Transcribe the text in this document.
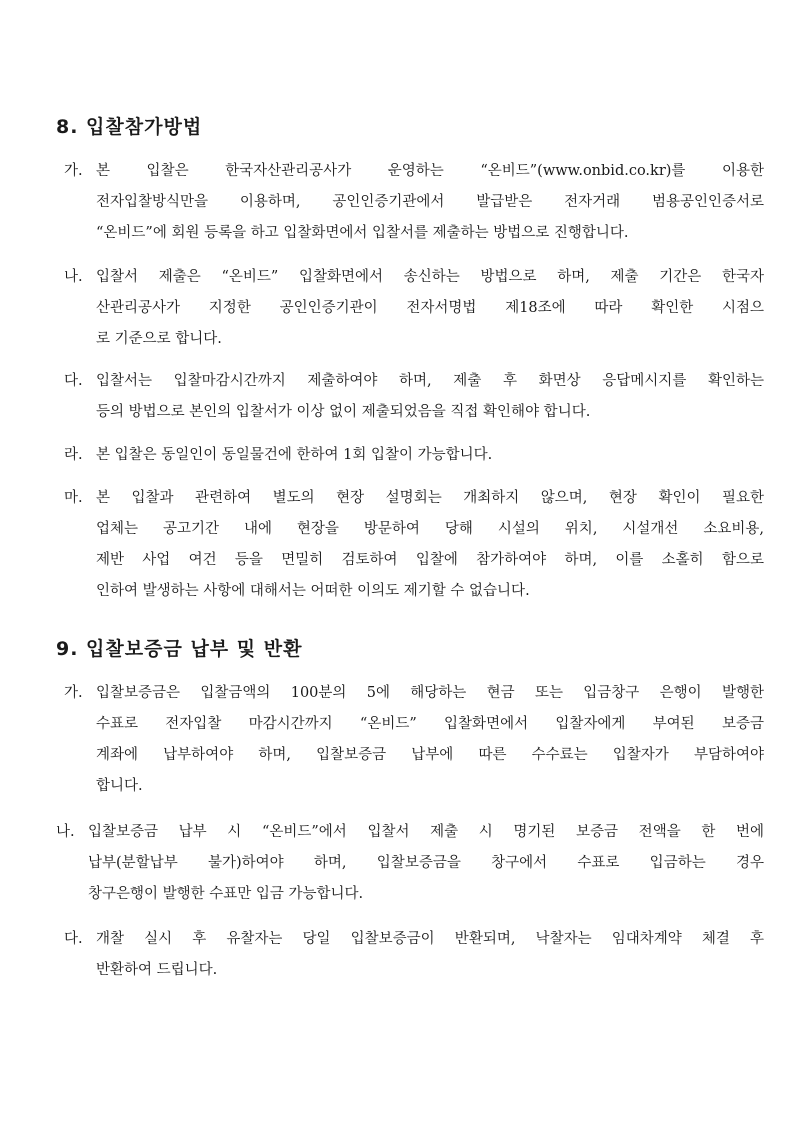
8. 입찰참가방법
가. 본 입찰은 한국자산관리공사가 운영하는 “온비드”(www.onbid.co.kr)를 이용한
전자입찰방식만을 이용하며, 공인인증기관에서 발급받은 전자거래 범용공인인증서로
“온비드”에 회원 등록을 하고 입찰화면에서 입찰서를 제출하는 방법으로 진행합니다.
나. 입찰서 제출은 “온비드” 입찰화면에서 송신하는 방법으로 하며, 제출 기간은 한국자
산관리공사가 지정한 공인인증기관이 전자서명법 제18조에 따라 확인한 시점으
로 기준으로 합니다.
다. 입찰서는 입찰마감시간까지 제출하여야 하며, 제출 후 화면상 응답메시지를 확인하는
등의 방법으로 본인의 입찰서가 이상 없이 제출되었음을 직접 확인해야 합니다.
라. 본 입찰은 동일인이 동일물건에 한하여 1회 입찰이 가능합니다.
마. 본 입찰과 관련하여 별도의 현장 설명회는 개최하지 않으며, 현장 확인이 필요한
업체는 공고기간 내에 현장을 방문하여 당해 시설의 위치, 시설개선 소요비용,
제반 사업 여건 등을 면밀히 검토하여 입찰에 참가하여야 하며, 이를 소홀히 함으로
인하여 발생하는 사항에 대해서는 어떠한 이의도 제기할 수 없습니다.
9. 입찰보증금 납부 및 반환
가. 입찰보증금은 입찰금액의 100분의 5에 해당하는 현금 또는 입금창구 은행이 발행한
수표로 전자입찰 마감시간까지 “온비드” 입찰화면에서 입찰자에게 부여된 보증금
계좌에 납부하여야 하며, 입찰보증금 납부에 따른 수수료는 입찰자가 부담하여야
합니다.
나. 입찰보증금 납부 시 “온비드”에서 입찰서 제출 시 명기된 보증금 전액을 한 번에
납부(분할납부 불가)하여야 하며, 입찰보증금을 창구에서 수표로 입금하는 경우
창구은행이 발행한 수표만 입금 가능합니다.
다. 개찰 실시 후 유찰자는 당일 입찰보증금이 반환되며, 낙찰자는 임대차계약 체결 후
반환하여 드립니다.
